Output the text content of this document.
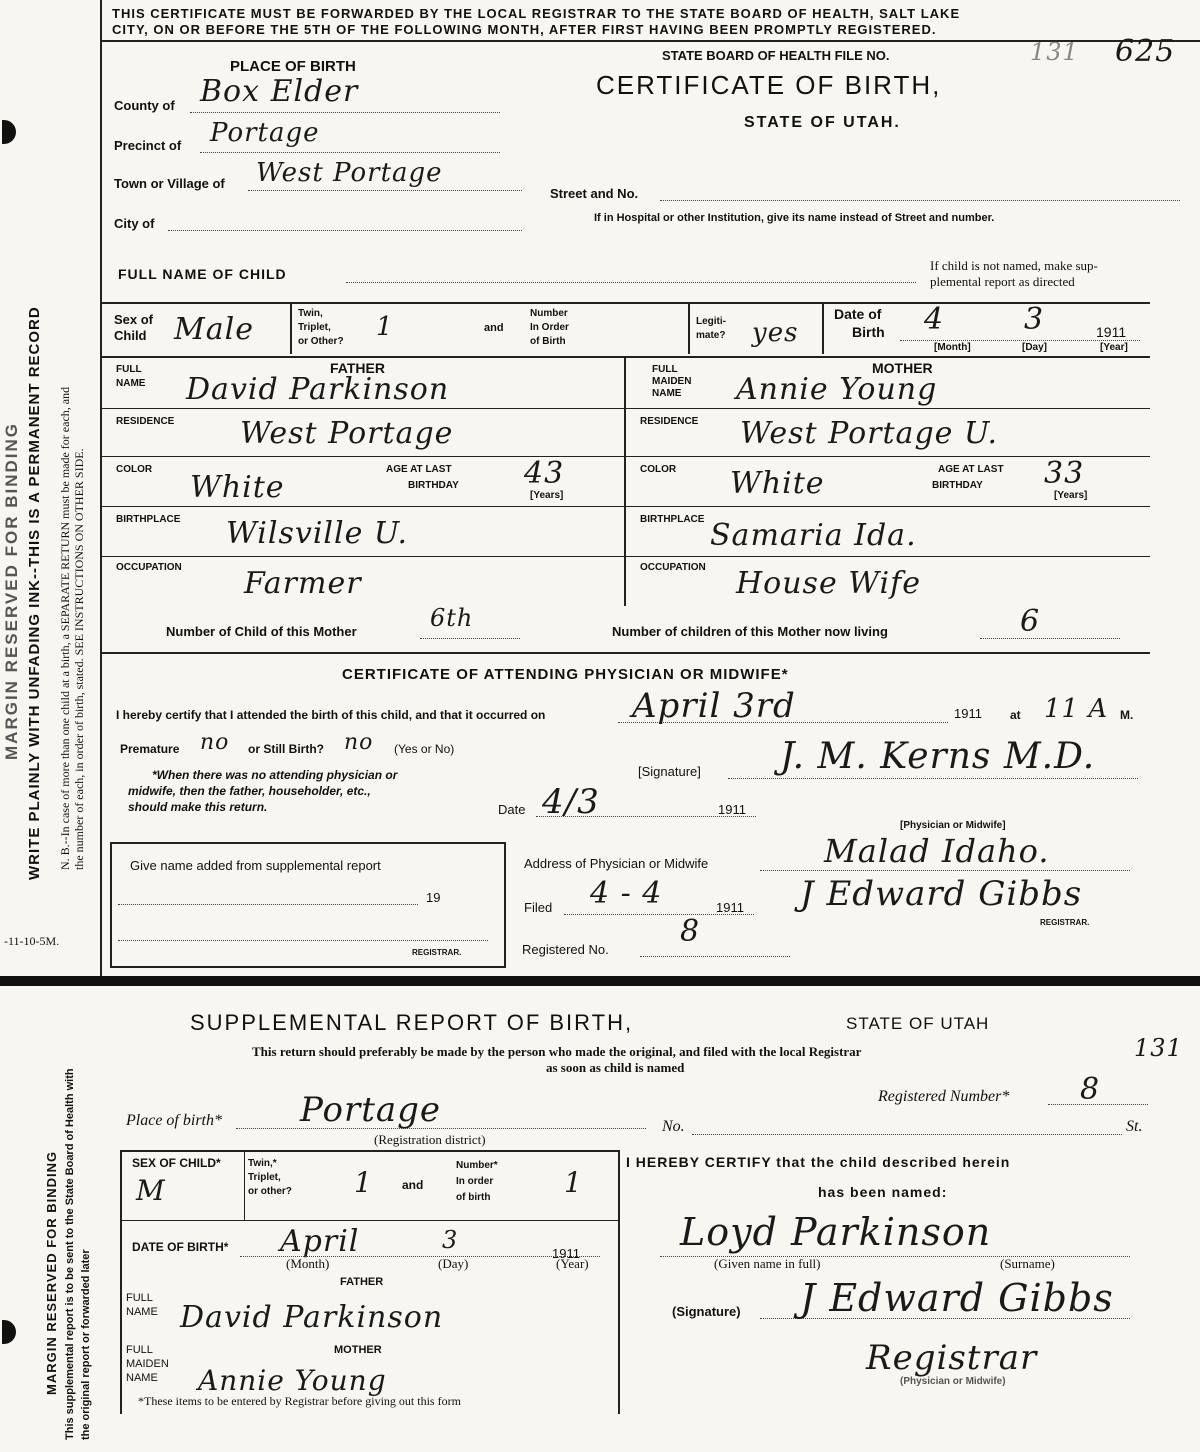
MARGIN RESERVED FOR BINDING WRITE PLAINLY WITH UNFADING INK--THIS IS A PERMANENT RECORD N. B.--In case of more than one child at a birth, a SEPARATE RETURN must be made for each, and the number of each, in order of birth, stated. SEE INSTRUCTIONS ON OTHER SIDE.
-11-10-5M.
MARGIN RESERVED FOR BINDING This supplemental report is to be sent to the State Board of Health with the original report or forwarded later
THIS CERTIFICATE MUST BE FORWARDED BY THE LOCAL REGISTRAR TO THE STATE BOARD OF HEALTH, SALT LAKE
CITY, ON OR BEFORE THE 5TH OF THE FOLLOWING MONTH, AFTER FIRST HAVING BEEN PROMPTLY REGISTERED.
STATE BOARD OF HEALTH FILE NO.	131 625
CERTIFICATE OF BIRTH,
STATE OF UTAH.
PLACE OF BIRTH
County of Box Elder
Precinct of Portage
Town or Village of West Portage
City of
Street and No.
If in Hospital or other Institution, give its name instead of Street and number.
FULL NAME OF CHILD
If child is not named, make sup-
plemental report as directed
Sex of
Child Male	Twin,
Triplet,
or Other? 1	and
Number
In Order
of Birth
Legiti-
mate? yes
Date of
Birth 4	3	1911
[Month]	[Day]	[Year]
FATHER
FULL
NAME David Parkinson
RESIDENCE West Portage
COLOR
White
AGE AT LAST
BIRTHDAY 43
[Years]
BIRTHPLACE Wilsville U.
OCCUPATION Farmer
MOTHER
FULL
MAIDEN
NAME Annie Young
RESIDENCE West Portage U.
COLOR White	AGE AT LAST
BIRTHDAY 33
[Years]
BIRTHPLACE Samaria Ida.
OCCUPATION House Wife
Number of Child of this Mother	6th	Number of children of this Mother now living	6
CERTIFICATE OF ATTENDING PHYSICIAN OR MIDWIFE*
I hereby certify that I attended the birth of this child, and that it occurred on	April 3rd	1911 at 11 A M.
Premature no or Still Birth? no (Yes or No)
*When there was no attending physician or
midwife, then the father, householder, etc.,
should make this return.
[Signature] J. M. Kerns M.D.
Date 4/3	1911
[Physician or Midwife]
Address of Physician or Midwife	Malad Idaho.
Filed 4 - 4	1911 J Edward Gibbs
REGISTRAR.
Registered No.
8
Give name added from supplemental report
19
REGISTRAR.
SUPPLEMENTAL REPORT OF BIRTH,	STATE OF UTAH
This return should preferably be made by the person who made the original, and filed with the local Registrar
as soon as child is named
131
Registered Number* 8
Place of birth* Portage
(Registration district)
No.	St.
SEX OF CHILD*
M
Twin,*
Triplet,
or other? 1 and
Number*
In order
of birth	1
DATE OF BIRTH* April	3	1911
(Month)	(Day)	(Year)
FATHER
FULL
NAME David Parkinson
MOTHER
FULL
MAIDEN
NAME Annie Young
*These items to be entered by Registrar before giving out this form
I HEREBY CERTIFY that the child described herein
has been named:
Loyd Parkinson
(Given name in full)	(Surname)
(Signature) J Edward Gibbs
Registrar
(Physician or Midwife)
